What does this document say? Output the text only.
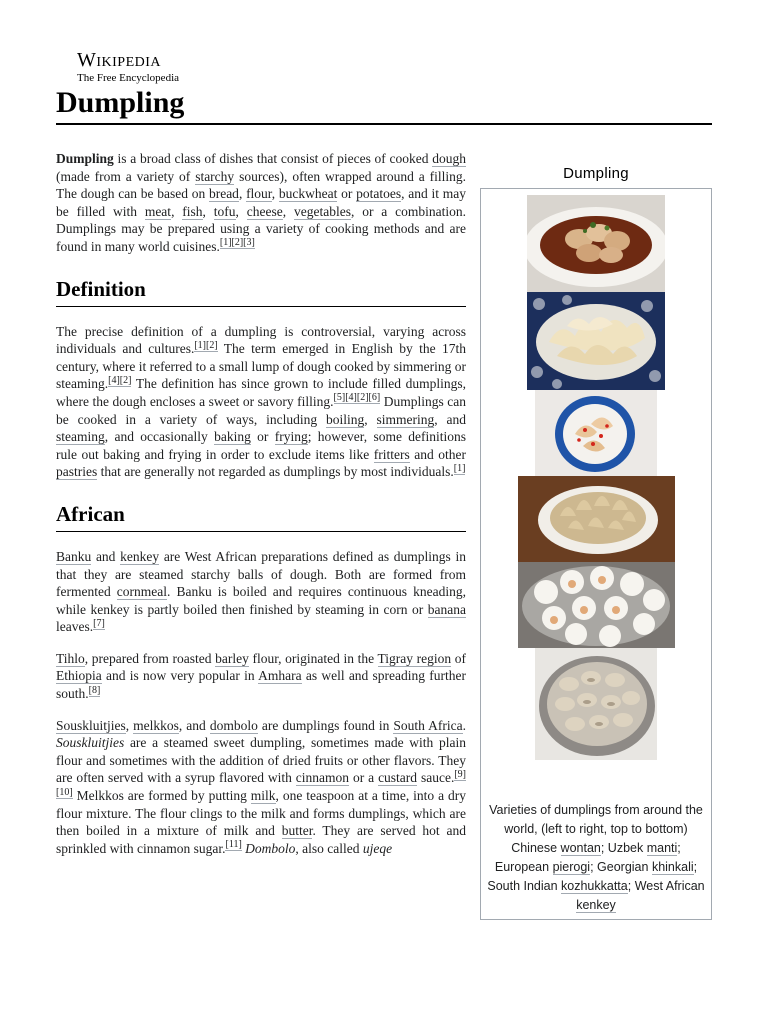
Wikipedia
The Free Encyclopedia
Dumpling

Dumpling is a broad class of dishes that consist of pieces of cooked dough (made from a variety of starchy sources), often wrapped around a filling. The dough can be based on bread, flour, buckwheat or potatoes, and it may be filled with meat, fish, tofu, cheese, vegetables, or a combination. Dumplings may be prepared using a variety of cooking methods and are found in many world cuisines.[1][2][3]

Definition

The precise definition of a dumpling is controversial, varying across individuals and cultures.[1][2] The term emerged in English by the 17th century, where it referred to a small lump of dough cooked by simmering or steaming.[4][2] The definition has since grown to include filled dumplings, where the dough encloses a sweet or savory filling.[5][4][2][6] Dumplings can be cooked in a variety of ways, including boiling, simmering, and steaming, and occasionally baking or frying; however, some definitions rule out baking and frying in order to exclude items like fritters and other pastries that are generally not regarded as dumplings by most individuals.[1]

African

Banku and kenkey are West African preparations defined as dumplings in that they are steamed starchy balls of dough. Both are formed from fermented cornmeal. Banku is boiled and requires continuous kneading, while kenkey is partly boiled then finished by steaming in corn or banana leaves.[7]

Tihlo, prepared from roasted barley flour, originated in the Tigray region of Ethiopia and is now very popular in Amhara as well and spreading further south.[8]

Souskluitjies, melkkos, and dombolo are dumplings found in South Africa. Souskluitjies are a steamed sweet dumpling, sometimes made with plain flour and sometimes with the addition of dried fruits or other flavors. They are often served with a syrup flavored with cinnamon or a custard sauce.[9][10] Melkkos are formed by putting milk, one teaspoon at a time, into a dry flour mixture. The flour clings to the milk and forms dumplings, which are then boiled in a mixture of milk and butter. They are served hot and sprinkled with cinnamon sugar.[11] Dombolo, also called ujeqe

Dumpling
Varieties of dumplings from around the world, (left to right, top to bottom) Chinese wontan; Uzbek manti; European pierogi; Georgian khinkali; South Indian kozhukkatta; West African kenkey
